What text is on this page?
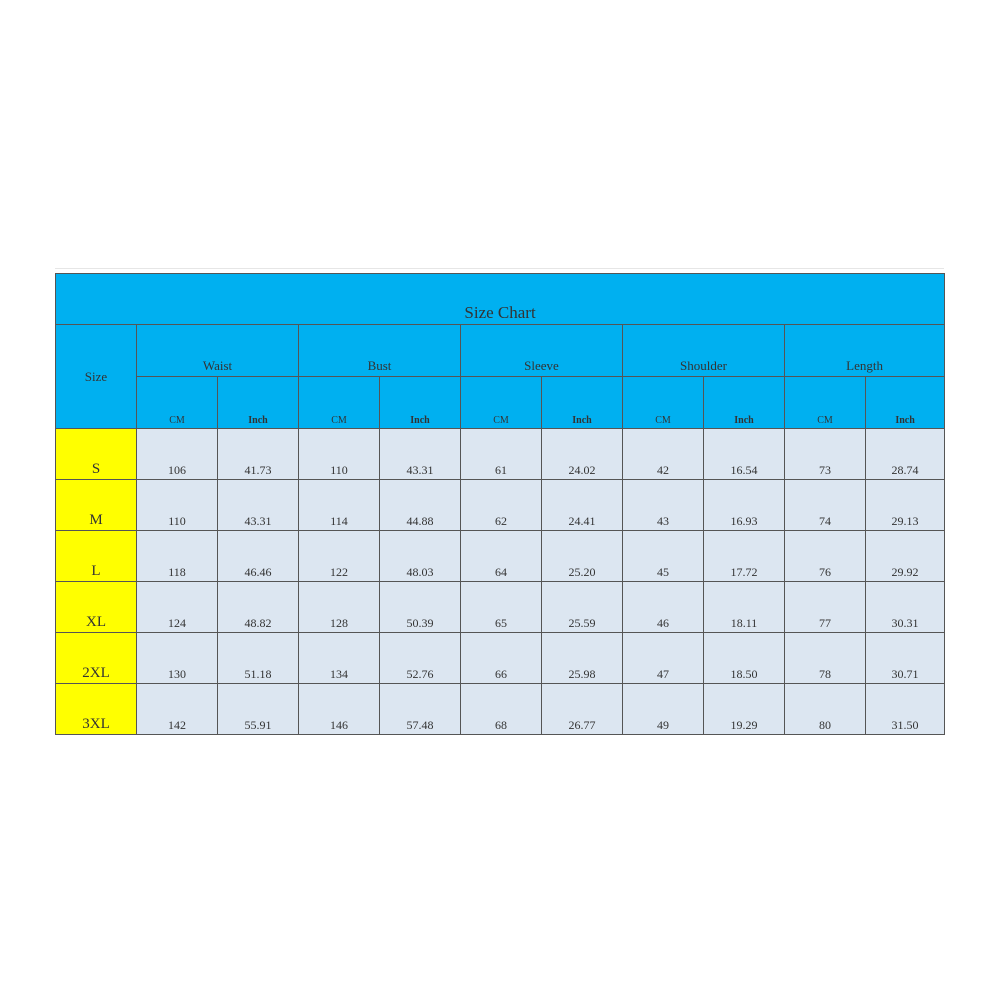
Size Chart										
Size	Waist		Bust		Sleeve		Shoulder		Length	
	CM	Inch	CM	Inch	CM	Inch	CM	Inch	CM	Inch
S	106	41.73	110	43.31	61	24.02	42	16.54	73	28.74
M	110	43.31	114	44.88	62	24.41	43	16.93	74	29.13
L	118	46.46	122	48.03	64	25.20	45	17.72	76	29.92
XL	124	48.82	128	50.39	65	25.59	46	18.11	77	30.31
2XL	130	51.18	134	52.76	66	25.98	47	18.50	78	30.71
3XL	142	55.91	146	57.48	68	26.77	49	19.29	80	31.50
